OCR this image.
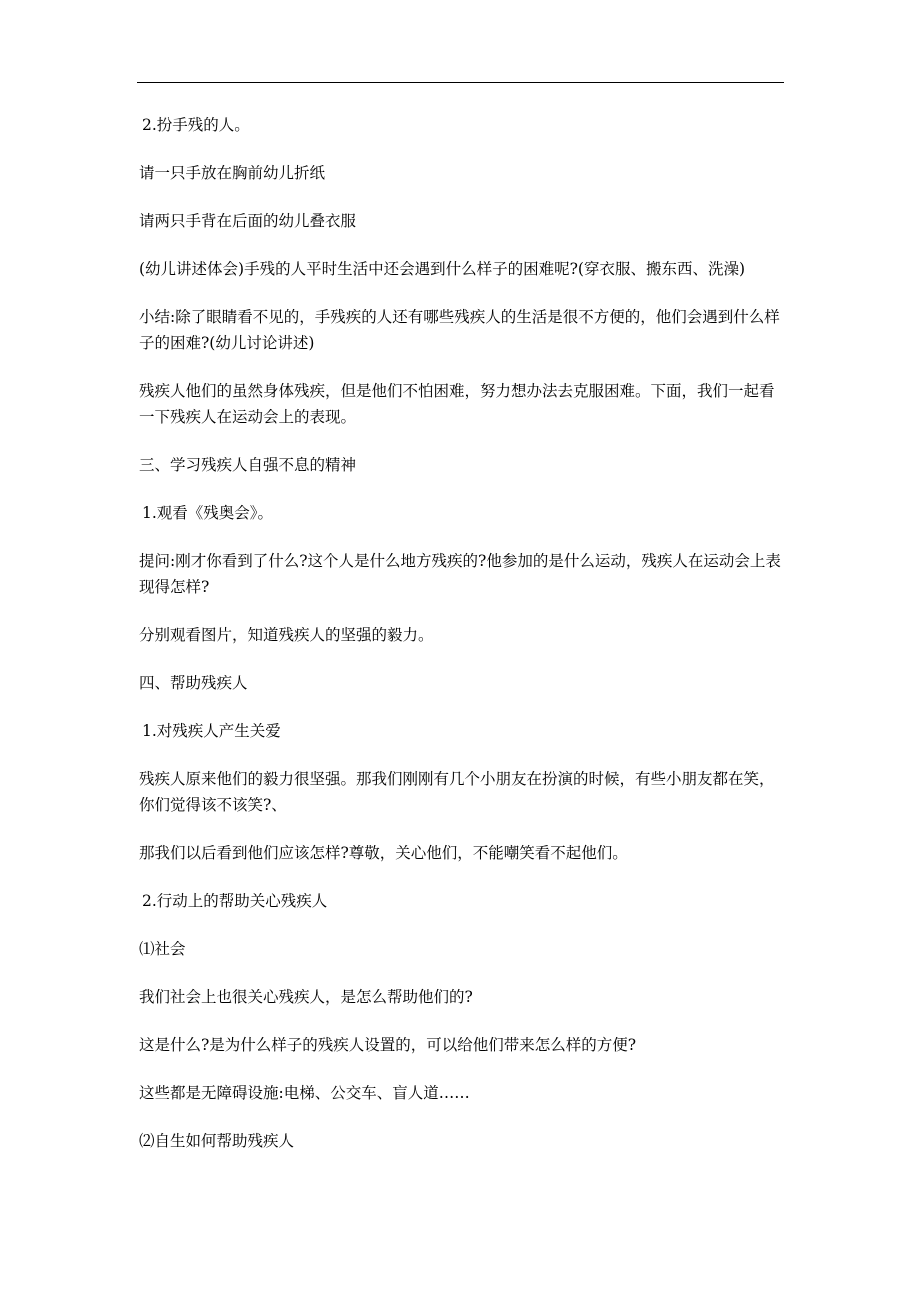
2.扮手残的人。

请一只手放在胸前幼儿折纸

请两只手背在后面的幼儿叠衣服

(幼儿讲述体会)手残的人平时生活中还会遇到什么样子的困难呢?(穿衣服、搬东西、洗澡)

小结:除了眼睛看不见的，手残疾的人还有哪些残疾人的生活是很不方便的，他们会遇到什么样子的困难?(幼儿讨论讲述)

残疾人他们的虽然身体残疾，但是他们不怕困难，努力想办法去克服困难。下面，我们一起看一下残疾人在运动会上的表现。

三、学习残疾人自强不息的精神

1.观看《残奥会》。

提问:刚才你看到了什么?这个人是什么地方残疾的?他参加的是什么运动，残疾人在运动会上表现得怎样?

分别观看图片，知道残疾人的坚强的毅力。

四、帮助残疾人

1.对残疾人产生关爱

残疾人原来他们的毅力很坚强。那我们刚刚有几个小朋友在扮演的时候，有些小朋友都在笑，你们觉得该不该笑?、

那我们以后看到他们应该怎样?尊敬，关心他们，不能嘲笑看不起他们。

2.行动上的帮助关心残疾人

⑴社会

我们社会上也很关心残疾人，是怎么帮助他们的?

这是什么?是为什么样子的残疾人设置的，可以给他们带来怎么样的方便?

这些都是无障碍设施:电梯、公交车、盲人道……

⑵自生如何帮助残疾人
